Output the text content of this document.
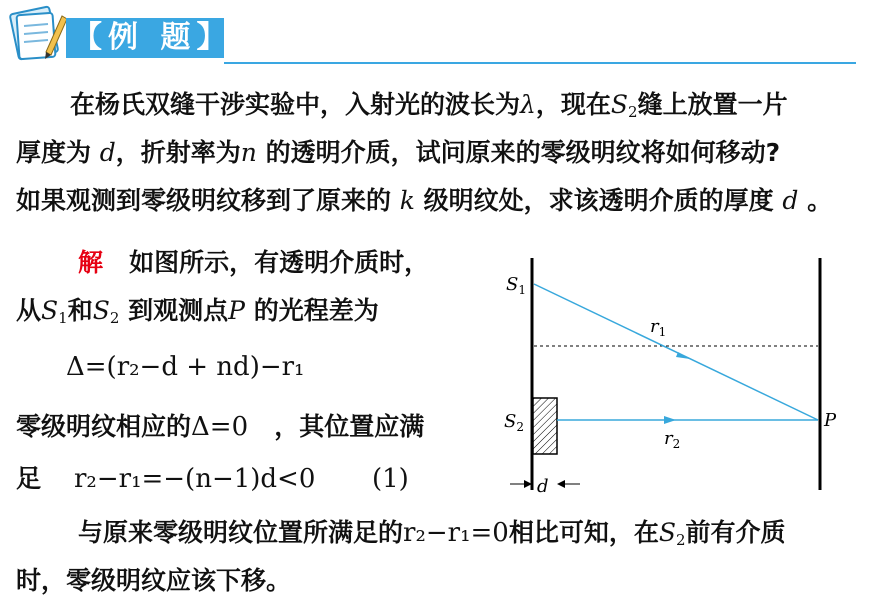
【例 题】
在杨氏双缝干涉实验中，入射光的波长为λ，现在$S_2$缝上放置一片
厚度为 d，折射率为n 的透明介质，试问原来的零级明纹将如何移动?
如果观测到零级明纹移到了原来的 k 级明纹处，求该透明介质的厚度 d 。
解 如图所示，有透明介质时，
从$S_1$和$S_2$ 到观测点P 的光程差为
Δ=(r₂−d + nd)−r₁
零级明纹相应的Δ=0 ，其位置应满
足 r₂−r₁=−(n−1)d<0 (1)
与原来零级明纹位置所满足的r₂−r₁=0相比可知，在$S_2$前有介质
时，零级明纹应该下移。
$S_1$
$S_2$
$r_1$
$r_2$
P
d
